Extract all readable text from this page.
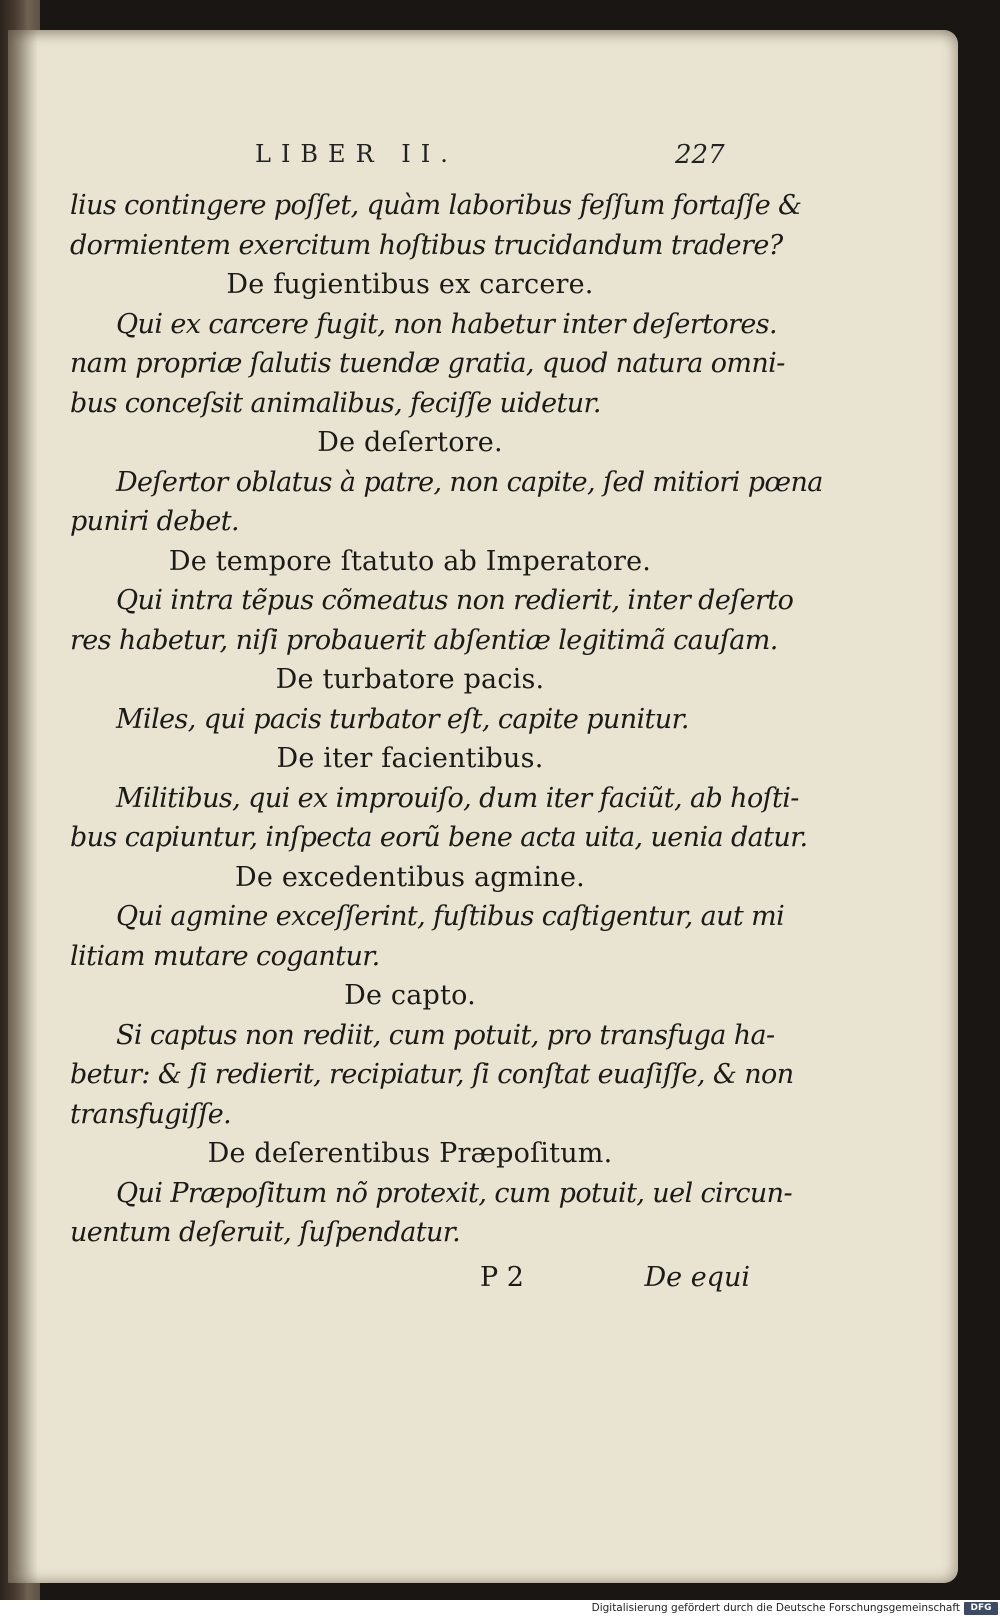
LIBER II.	227
lius contingere poſſet, quàm laboribus feſſum fortaſſe &
dormientem exercitum hoſtibus trucidandum tradere?
De fugientibus ex carcere.
Qui ex carcere fugit, non habetur inter deſertores.
nam propriæ ſalutis tuendæ gratia, quod natura omni-
bus conceſsit animalibus, feciſſe uidetur.
De deſertore.
Deſertor oblatus à patre, non capite, ſed mitiori pœna
puniri debet.
De tempore ſtatuto ab Imperatore.
Qui intra tẽpus cõmeatus non redierit, inter deſerto
res habetur, niſi probauerit abſentiæ legitimã cauſam.
De turbatore pacis.
Miles, qui pacis turbator eſt, capite punitur.
De iter facientibus.
Militibus, qui ex improuiſo, dum iter faciũt, ab hoſti-
bus capiuntur, inſpecta eorũ bene acta uita, uenia datur.
De excedentibus agmine.
Qui agmine exceſſerint, fuſtibus caſtigentur, aut mi
litiam mutare cogantur.
De capto.
Si captus non rediit, cum potuit, pro transfuga ha-
betur: & ſi redierit, recipiatur, ſi conſtat euaſiſſe, & non
transfugiſſe.
De deſerentibus Præpoſitum.
Qui Præpoſitum nõ protexit, cum potuit, uel circun-
uentum deſeruit, ſuſpendatur.
P 2	De equi
Digitalisierung gefördert durch die Deutsche Forschungsgemeinschaft	DFG
